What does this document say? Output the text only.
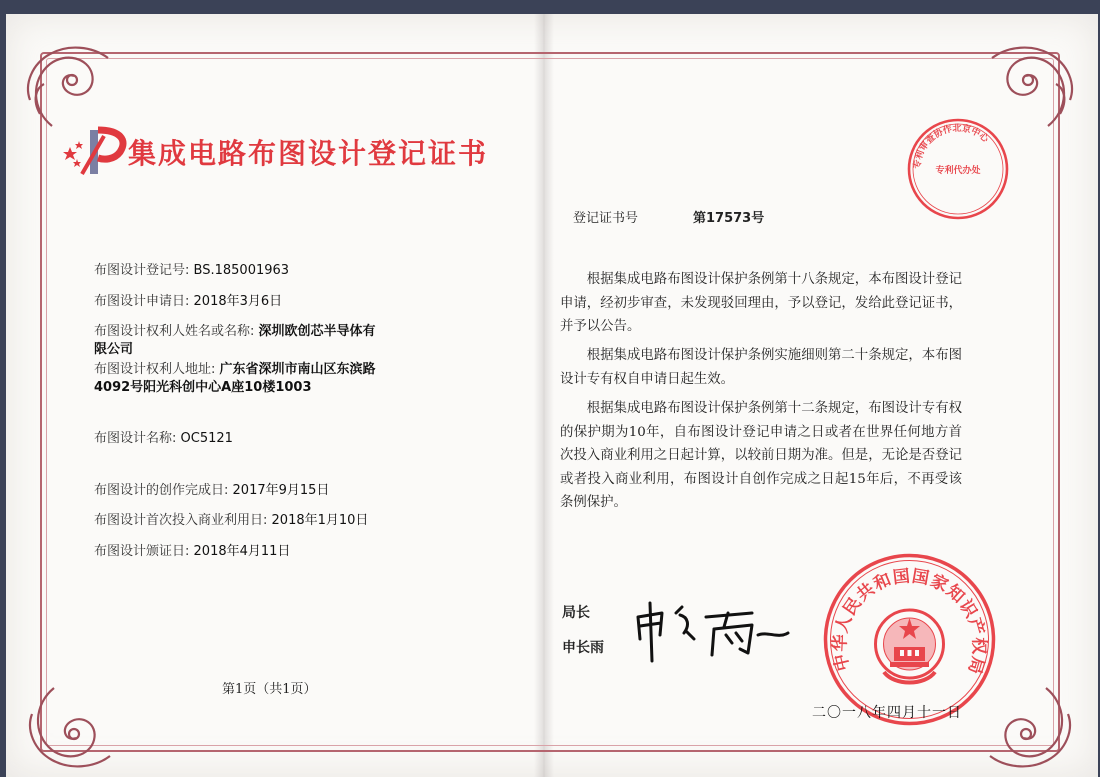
集成电路布图设计登记证书
布图设计登记号: BS.185001963
布图设计申请日: 2018年3月6日
布图设计权利人姓名或名称: 深圳欧创芯半导体有
限公司
布图设计权利人地址: 广东省深圳市南山区东滨路
4092号阳光科创中心A座10楼1003
布图设计名称: OC5121
布图设计的创作完成日: 2017年9月15日
布图设计首次投入商业利用日: 2018年1月10日
布图设计颁证日: 2018年4月11日
第1页（共1页）
专利审查协作北京中心
专利代办处
登记证书号	第17573号
根据集成电路布图设计保护条例第十八条规定，本布图设计登记申请，经初步审查，未发现驳回理由，予以登记，发给此登记证书，并予以公告。
根据集成电路布图设计保护条例实施细则第二十条规定，本布图设计专有权自申请日起生效。
根据集成电路布图设计保护条例第十二条规定，布图设计专有权的保护期为10年，自布图设计登记申请之日或者在世界任何地方首次投入商业利用之日起计算，以较前日期为准。但是，无论是否登记或者投入商业利用，布图设计自创作完成之日起15年后，不再受该条例保护。
局长
申长雨
中华人民共和国国家知识产权局
二〇一八年四月十一日
